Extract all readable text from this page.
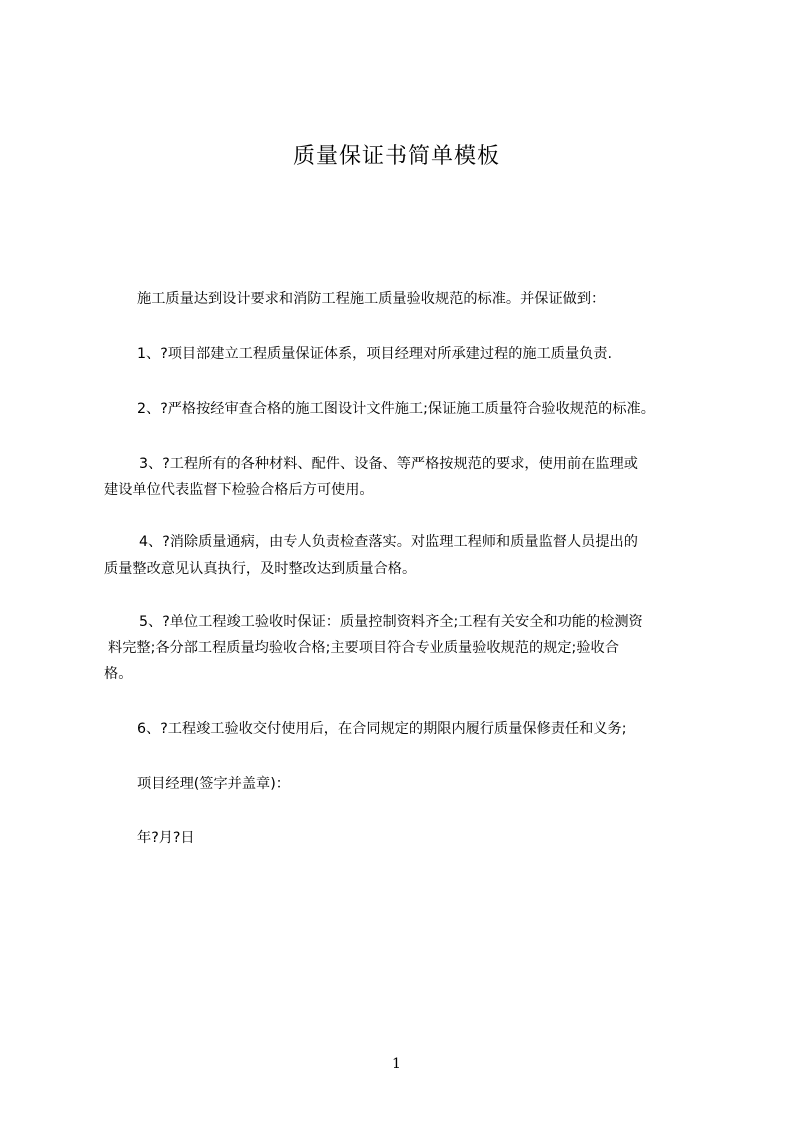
质量保证书简单模板
施工质量达到设计要求和消防工程施工质量验收规范的标准。并保证做到：
1、?项目部建立工程质量保证体系，项目经理对所承建过程的施工质量负责.
2、?严格按经审查合格的施工图设计文件施工;保证施工质量符合验收规范的标准。
3、?工程所有的各种材料、配件、设备、等严格按规范的要求，使用前在监理或
建设单位代表监督下检验合格后方可使用。
4、?消除质量通病，由专人负责检查落实。对监理工程师和质量监督人员提出的
质量整改意见认真执行，及时整改达到质量合格。
5、?单位工程竣工验收时保证：质量控制资料齐全;工程有关安全和功能的检测资
料完整;各分部工程质量均验收合格;主要项目符合专业质量验收规范的规定;验收合
格。
6、?工程竣工验收交付使用后，在合同规定的期限内履行质量保修责任和义务;
项目经理(签字并盖章)：
年?月?日
1
